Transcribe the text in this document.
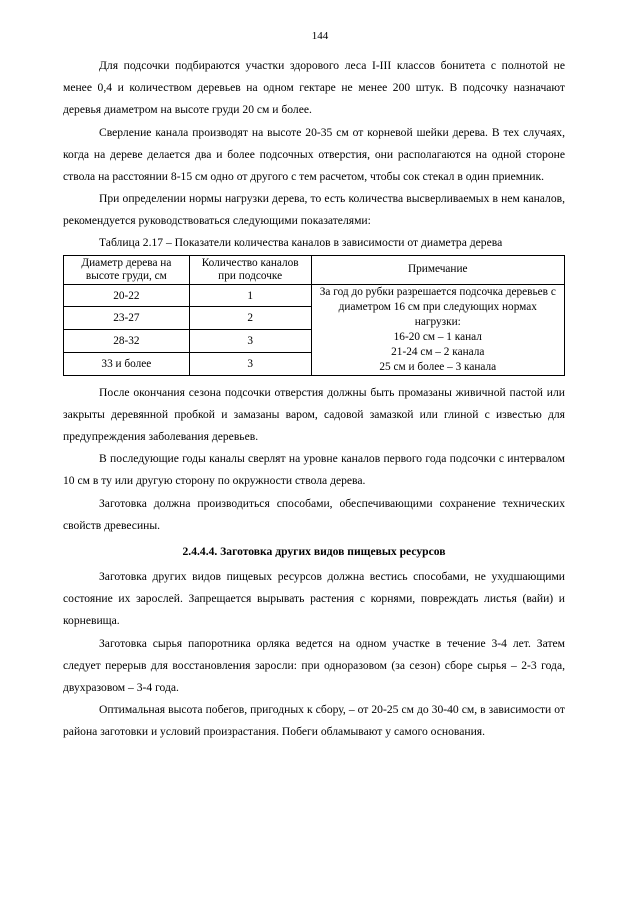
144

Для подсочки подбираются участки здорового леса I-III классов бонитета с полнотой не менее 0,4 и количеством деревьев на одном гектаре не менее 200 штук. В подсочку назначают деревья диаметром на высоте груди 20 см и более.

Сверление канала производят на высоте 20-35 см от корневой шейки дерева. В тех случаях, когда на дереве делается два и более подсочных отверстия, они располагаются на одной стороне ствола на расстоянии 8-15 см одно от другого с тем расчетом, чтобы сок стекал в один приемник.

При определении нормы нагрузки дерева, то есть количества высверливаемых в нем каналов, рекомендуется руководствоваться следующими показателями:

Таблица 2.17 – Показатели количества каналов в зависимости от диаметра дерева

Диаметр дерева на высоте груди, см	Количество каналов при подсочке	Примечание
20-22	1	За год до рубки разрешается подсочка деревьев с диаметром 16 см при следующих нормах нагрузки:
16-20 см – 1 канал
21-24 см – 2 канала
25 см и более – 3 канала

23-27	2	
28-32	3	
33 и более	3	

После окончания сезона подсочки отверстия должны быть промазаны живичной пастой или закрыты деревянной пробкой и замазаны варом, садовой замазкой или глиной с известью для предупреждения заболевания деревьев.

В последующие годы каналы сверлят на уровне каналов первого года подсочки с интервалом 10 см в ту или другую сторону по окружности ствола дерева.

Заготовка должна производиться способами, обеспечивающими сохранение технических свойств древесины.

2.4.4.4. Заготовка других видов пищевых ресурсов

Заготовка других видов пищевых ресурсов должна вестись способами, не ухудшающими состояние их зарослей. Запрещается вырывать растения с корнями, повреждать листья (вайи) и корневища.

Заготовка сырья папоротника орляка ведется на одном участке в течение 3-4 лет. Затем следует перерыв для восстановления заросли: при одноразовом (за сезон) сборе сырья – 2-3 года, двухразовом – 3-4 года.

Оптимальная высота побегов, пригодных к сбору, – от 20-25 см до 30-40 см, в зависимости от района заготовки и условий произрастания. Побеги обламывают у самого основания.
